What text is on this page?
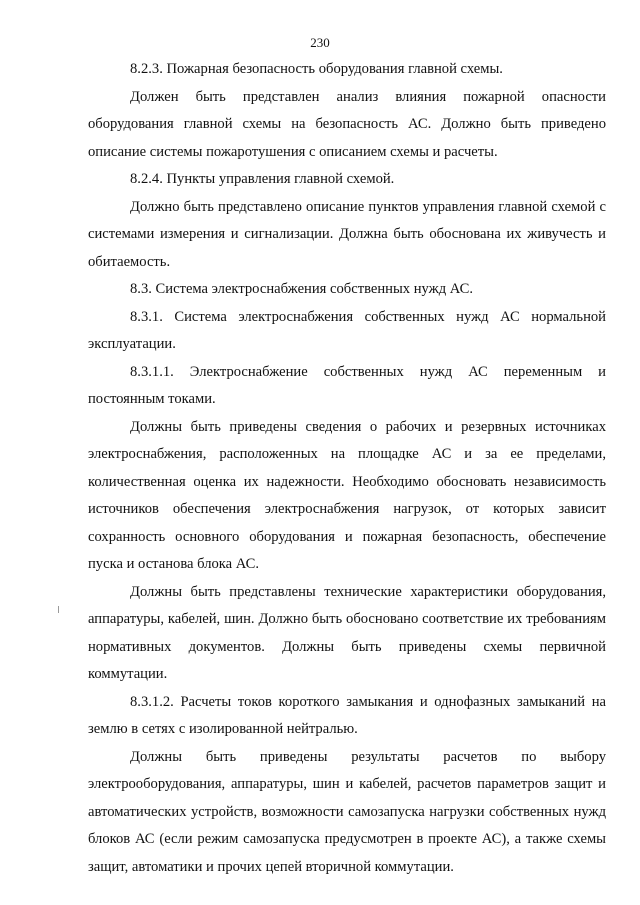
230

8.2.3. Пожарная безопасность оборудования главной схемы.

Должен быть представлен анализ влияния пожарной опасности оборудования главной схемы на безопасность АС. Должно быть приведено описание системы пожаротушения с описанием схемы и расчеты.

8.2.4. Пункты управления главной схемой.

Должно быть представлено описание пунктов управления главной схемой с системами измерения и сигнализации. Должна быть обоснована их живучесть и обитаемость.

8.3. Система электроснабжения собственных нужд АС.

8.3.1. Система электроснабжения собственных нужд АС нормальной эксплуатации.

8.3.1.1. Электроснабжение собственных нужд АС переменным и постоянным токами.

Должны быть приведены сведения о рабочих и резервных источниках электроснабжения, расположенных на площадке АС и за ее пределами, количественная оценка их надежности. Необходимо обосновать независимость источников обеспечения электроснабжения нагрузок, от которых зависит сохранность основного оборудования и пожарная безопасность, обеспечение пуска и останова блока АС.

Должны быть представлены технические характеристики оборудования, аппаратуры, кабелей, шин. Должно быть обосновано соответствие их требованиям нормативных документов. Должны быть приведены схемы первичной коммутации.

8.3.1.2. Расчеты токов короткого замыкания и однофазных замыканий на землю в сетях с изолированной нейтралью.

Должны быть приведены результаты расчетов по выбору электрооборудования, аппаратуры, шин и кабелей, расчетов параметров защит и автоматических устройств, возможности самозапуска нагрузки собственных нужд блоков АС (если режим самозапуска предусмотрен в проекте АС), а также схемы защит, автоматики и прочих цепей вторичной коммутации.
